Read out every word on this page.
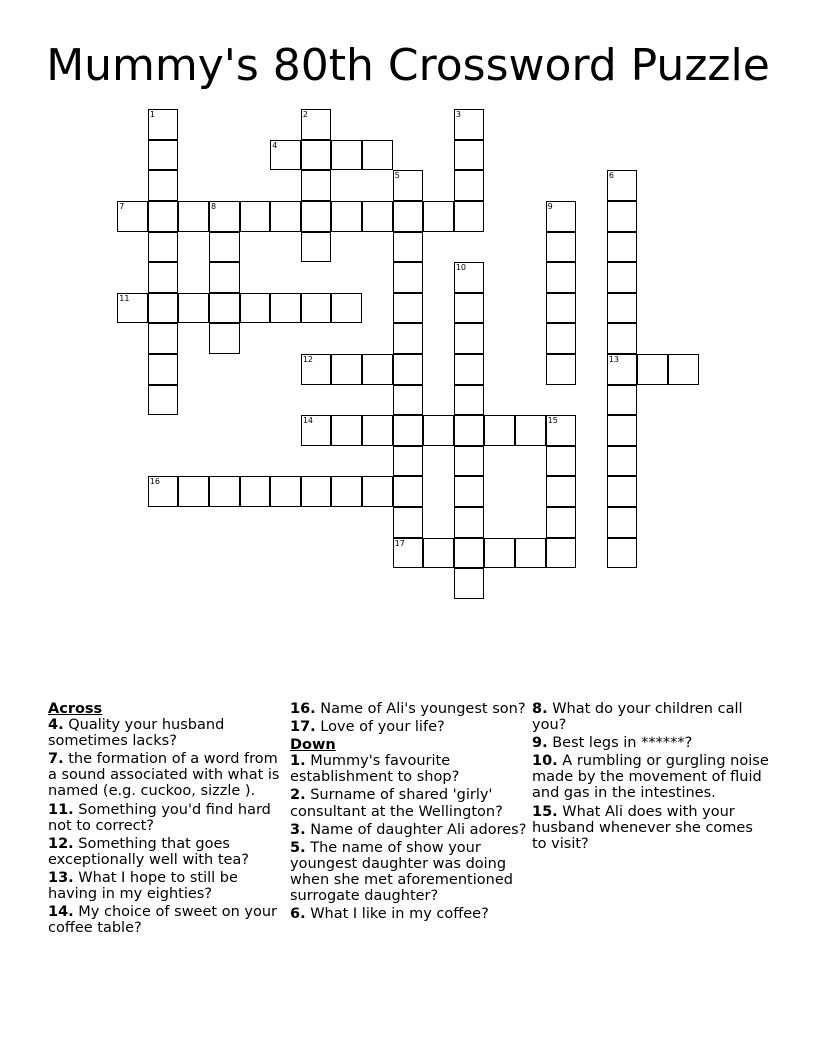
Mummy's 80th Crossword Puzzle
1	2	3
4
5
17
6
13
7	8	9
10
11
12
14	15
16
Across
4. Quality your husband sometimes lacks?
7. the formation of a word from a sound associated with what is named (e.g. cuckoo, sizzle ).
11. Something you'd find hard not to correct?
12. Something that goes exceptionally well with tea?
13. What I hope to still be having in my eighties?
14. My choice of sweet on your coffee table?
16. Name of Ali's youngest son?
17. Love of your life?
Down
1. Mummy's favourite establishment to shop?
2. Surname of shared 'girly' consultant at the Wellington?
3. Name of daughter Ali adores?
5. The name of show your youngest daughter was doing when she met aforementioned surrogate daughter?
6. What I like in my coffee?
8. What do your children call you?
9. Best legs in ******?
10. A rumbling or gurgling noise made by the movement of fluid and gas in the intestines.
15. What Ali does with your husband whenever she comes to visit?
